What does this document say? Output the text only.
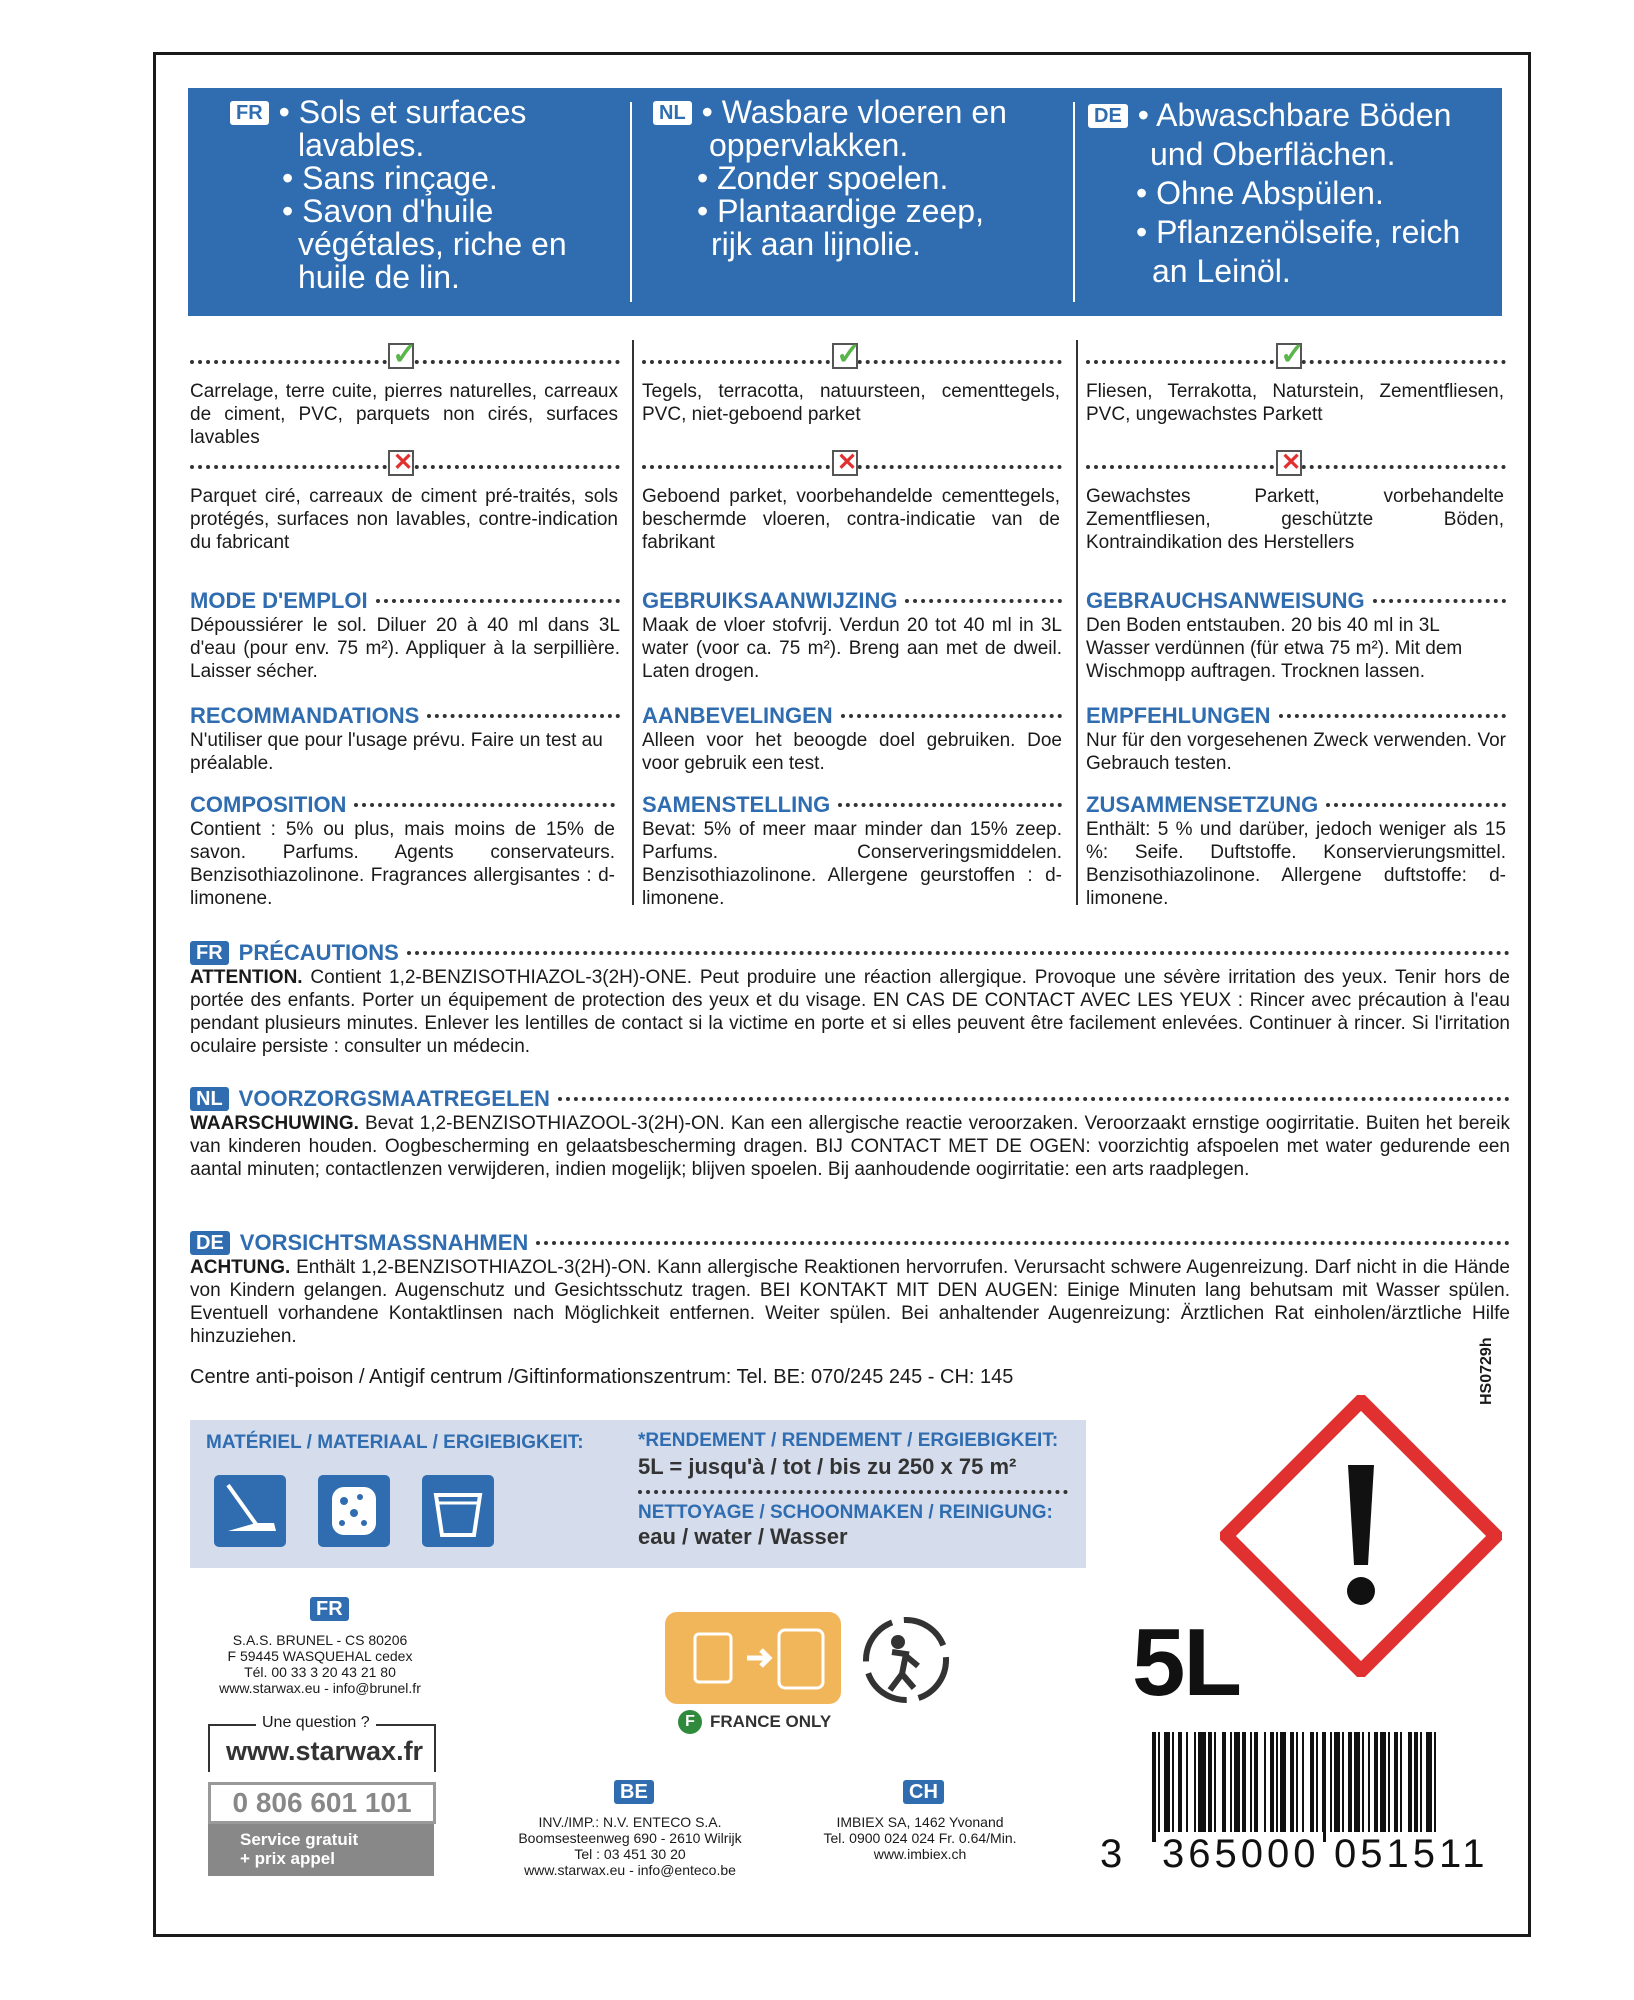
FR • Sols et surfaces
lavables.
• Sans rinçage.
• Savon d'huile
végétales, riche en
huile de lin.
NL • Wasbare vloeren en
oppervlakken.
• Zonder spoelen.
• Plantaardige zeep,
rijk aan lijnolie.
DE • Abwaschbare Böden
und Oberflächen.
• Ohne Abspülen.
• Pflanzenölseife, reich
an Leinöl.
✓
Carrelage, terre cuite, pierres naturelles, carreaux de ciment, PVC, parquets non cirés, surfaces lavables
✕
Parquet ciré, carreaux de ciment pré-traités, sols protégés, surfaces non lavables, contre-indication du fabricant
MODE D'EMPLOI
Dépoussiérer le sol. Diluer 20 à 40 ml dans 3L d'eau (pour env. 75 m²). Appliquer à la serpillière. Laisser sécher.
RECOMMANDATIONS
N'utiliser que pour l'usage prévu. Faire un test au préalable.
COMPOSITION
Contient : 5% ou plus, mais moins de 15% de savon. Parfums. Agents conservateurs. Benzisothiazolinone. Fragrances allergisantes : d-limonene.
✓
Tegels, terracotta, natuursteen, cementtegels, PVC, niet-geboend parket
✕
Geboend parket, voorbehandelde cementtegels, beschermde vloeren, contra-indicatie van de fabrikant
GEBRUIKSAANWIJZING
Maak de vloer stofvrij. Verdun 20 tot 40 ml in 3L water (voor ca. 75 m²). Breng aan met de dweil. Laten drogen.
AANBEVELINGEN
Alleen voor het beoogde doel gebruiken. Doe voor gebruik een test.
SAMENSTELLING
Bevat: 5% of meer maar minder dan 15% zeep. Parfums. Conserveringsmiddelen. Benzisothiazolinone. Allergene geurstoffen : d-limonene.
✓
Fliesen, Terrakotta, Naturstein, Zementfliesen, PVC, ungewachstes Parkett
✕
Gewachstes Parkett, vorbehandelte Zementfliesen, geschützte Böden, Kontraindikation des Herstellers
GEBRAUCHSANWEISUNG
Den Boden entstauben. 20 bis 40 ml in 3L Wasser verdünnen (für etwa 75 m²). Mit dem Wischmopp auftragen. Trocknen lassen.
EMPFEHLUNGEN
Nur für den vorgesehenen Zweck verwenden. Vor Gebrauch testen.
ZUSAMMENSETZUNG
Enthält: 5 % und darüber, jedoch weniger als 15 %: Seife. Duftstoffe. Konservierungsmittel. Benzisothiazolinone. Allergene duftstoffe: d-limonene.
FR PRÉCAUTIONS
ATTENTION. Contient 1,2-BENZISOTHIAZOL-3(2H)-ONE. Peut produire une réaction allergique. Provoque une sévère irritation des yeux. Tenir hors de portée des enfants. Porter un équipement de protection des yeux et du visage. EN CAS DE CONTACT AVEC LES YEUX : Rincer avec précaution à l'eau pendant plusieurs minutes. Enlever les lentilles de contact si la victime en porte et si elles peuvent être facilement enlevées. Continuer à rincer. Si l'irritation oculaire persiste : consulter un médecin.
NL VOORZORGSMAATREGELEN
WAARSCHUWING. Bevat 1,2-BENZISOTHIAZOOL-3(2H)-ON. Kan een allergische reactie veroorzaken. Veroorzaakt ernstige oogirritatie. Buiten het bereik van kinderen houden. Oogbescherming en gelaatsbescherming dragen. BIJ CONTACT MET DE OGEN: voorzichtig afspoelen met water gedurende een aantal minuten; contactlenzen verwijderen, indien mogelijk; blijven spoelen. Bij aanhoudende oogirritatie: een arts raadplegen.
DE VORSICHTSMASSNAHMEN
ACHTUNG. Enthält 1,2-BENZISOTHIAZOL-3(2H)-ON. Kann allergische Reaktionen hervorrufen. Verursacht schwere Augenreizung. Darf nicht in die Hände von Kindern gelangen. Augenschutz und Gesichtsschutz tragen. BEI KONTAKT MIT DEN AUGEN: Einige Minuten lang behutsam mit Wasser spülen. Eventuell vorhandene Kontaktlinsen nach Möglichkeit entfernen. Weiter spülen. Bei anhaltender Augenreizung: Ärztlichen Rat einholen/ärztliche Hilfe hinzuziehen.
Centre anti-poison / Antigif centrum /Giftinformationszentrum: Tel. BE: 070/245 245 - CH: 145
MATÉRIEL / MATERIAAL / ERGIEBIGKEIT:	*RENDEMENT / RENDEMENT / ERGIEBIGKEIT:
5L = jusqu'à / tot / bis zu 250 x 75 m²
NETTOYAGE / SCHOONMAKEN / REINIGUNG:
eau / water / Wasser
FR
S.A.S. BRUNEL - CS 80206
F 59445 WASQUEHAL cedex
Tél. 00 33 3 20 43 21 80
www.starwax.eu - info@brunel.fr
Une question ?
www.starwax.fr
0 806 601 101
Service gratuit
+ prix appel
F FRANCE ONLY
BE
INV./IMP.: N.V. ENTECO S.A.
Boomsesteenweg 690 - 2610 Wilrijk
Tel : 03 451 30 20
www.starwax.eu - info@enteco.be
CH
IMBIEX SA, 1462 Yvonand
Tel. 0900 024 024 Fr. 0.64/Min.
www.imbiex.ch
HS0729h
5L
3 365000 051511
